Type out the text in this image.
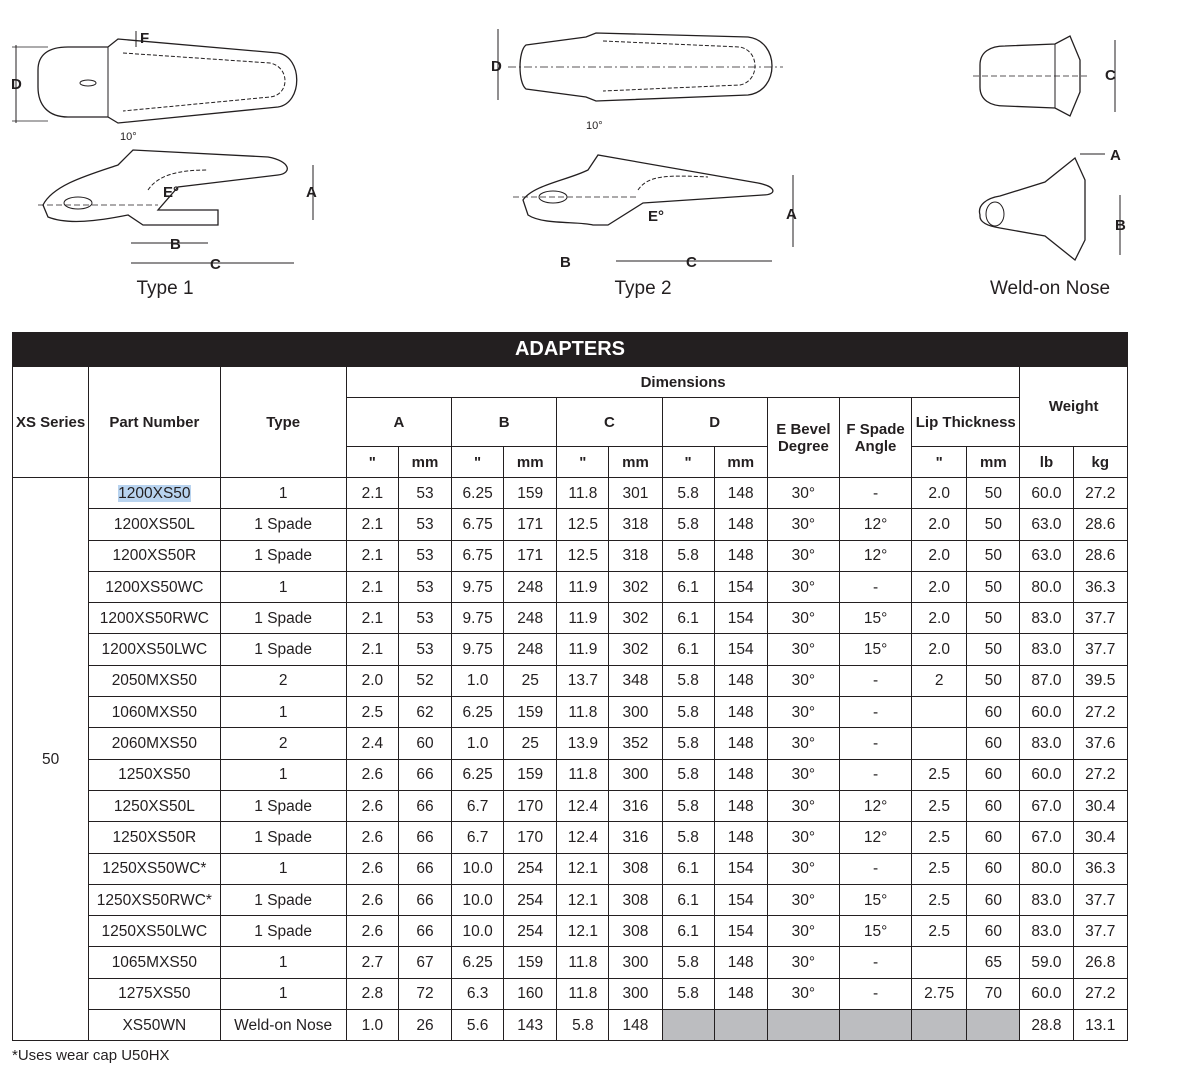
D
F
E°
10°
A
B
C
Type 1
D
E°
10°
A
B	C
Type 2
C
A
B
Weld-on Nose
ADAPTERS																
XS Series	Part Number	Type	Dimensions												Weight	
			A		B		C		D		E Bevel Degree	F Spade Angle	Lip Thickness			
			"	mm	"	mm	"	mm	"	mm			"	mm	lb	kg
50	1200XS50	1	2.1	53	6.25	159	11.8	301	5.8	148	30°	-	2.0	50	60.0	27.2
	1200XS50L	1 Spade	2.1	53	6.75	171	12.5	318	5.8	148	30°	12°	2.0	50	63.0	28.6
	1200XS50R	1 Spade	2.1	53	6.75	171	12.5	318	5.8	148	30°	12°	2.0	50	63.0	28.6
	1200XS50WC	1	2.1	53	9.75	248	11.9	302	6.1	154	30°	-	2.0	50	80.0	36.3
	1200XS50RWC	1 Spade	2.1	53	9.75	248	11.9	302	6.1	154	30°	15°	2.0	50	83.0	37.7
	1200XS50LWC	1 Spade	2.1	53	9.75	248	11.9	302	6.1	154	30°	15°	2.0	50	83.0	37.7
	2050MXS50	2	2.0	52	1.0	25	13.7	348	5.8	148	30°	-	2	50	87.0	39.5
	1060MXS50	1	2.5	62	6.25	159	11.8	300	5.8	148	30°	-		60	60.0	27.2
	2060MXS50	2	2.4	60	1.0	25	13.9	352	5.8	148	30°	-		60	83.0	37.6
	1250XS50	1	2.6	66	6.25	159	11.8	300	5.8	148	30°	-	2.5	60	60.0	27.2
	1250XS50L	1 Spade	2.6	66	6.7	170	12.4	316	5.8	148	30°	12°	2.5	60	67.0	30.4
	1250XS50R	1 Spade	2.6	66	6.7	170	12.4	316	5.8	148	30°	12°	2.5	60	67.0	30.4
	1250XS50WC*	1	2.6	66	10.0	254	12.1	308	6.1	154	30°	-	2.5	60	80.0	36.3
	1250XS50RWC*	1 Spade	2.6	66	10.0	254	12.1	308	6.1	154	30°	15°	2.5	60	83.0	37.7
	1250XS50LWC	1 Spade	2.6	66	10.0	254	12.1	308	6.1	154	30°	15°	2.5	60	83.0	37.7
	1065MXS50	1	2.7	67	6.25	159	11.8	300	5.8	148	30°	-		65	59.0	26.8
	1275XS50	1	2.8	72	6.3	160	11.8	300	5.8	148	30°	-	2.75	70	60.0	27.2
	XS50WN	Weld-on Nose	1.0	26	5.6	143	5.8	148							28.8	13.1
*Uses wear cap U50HX
